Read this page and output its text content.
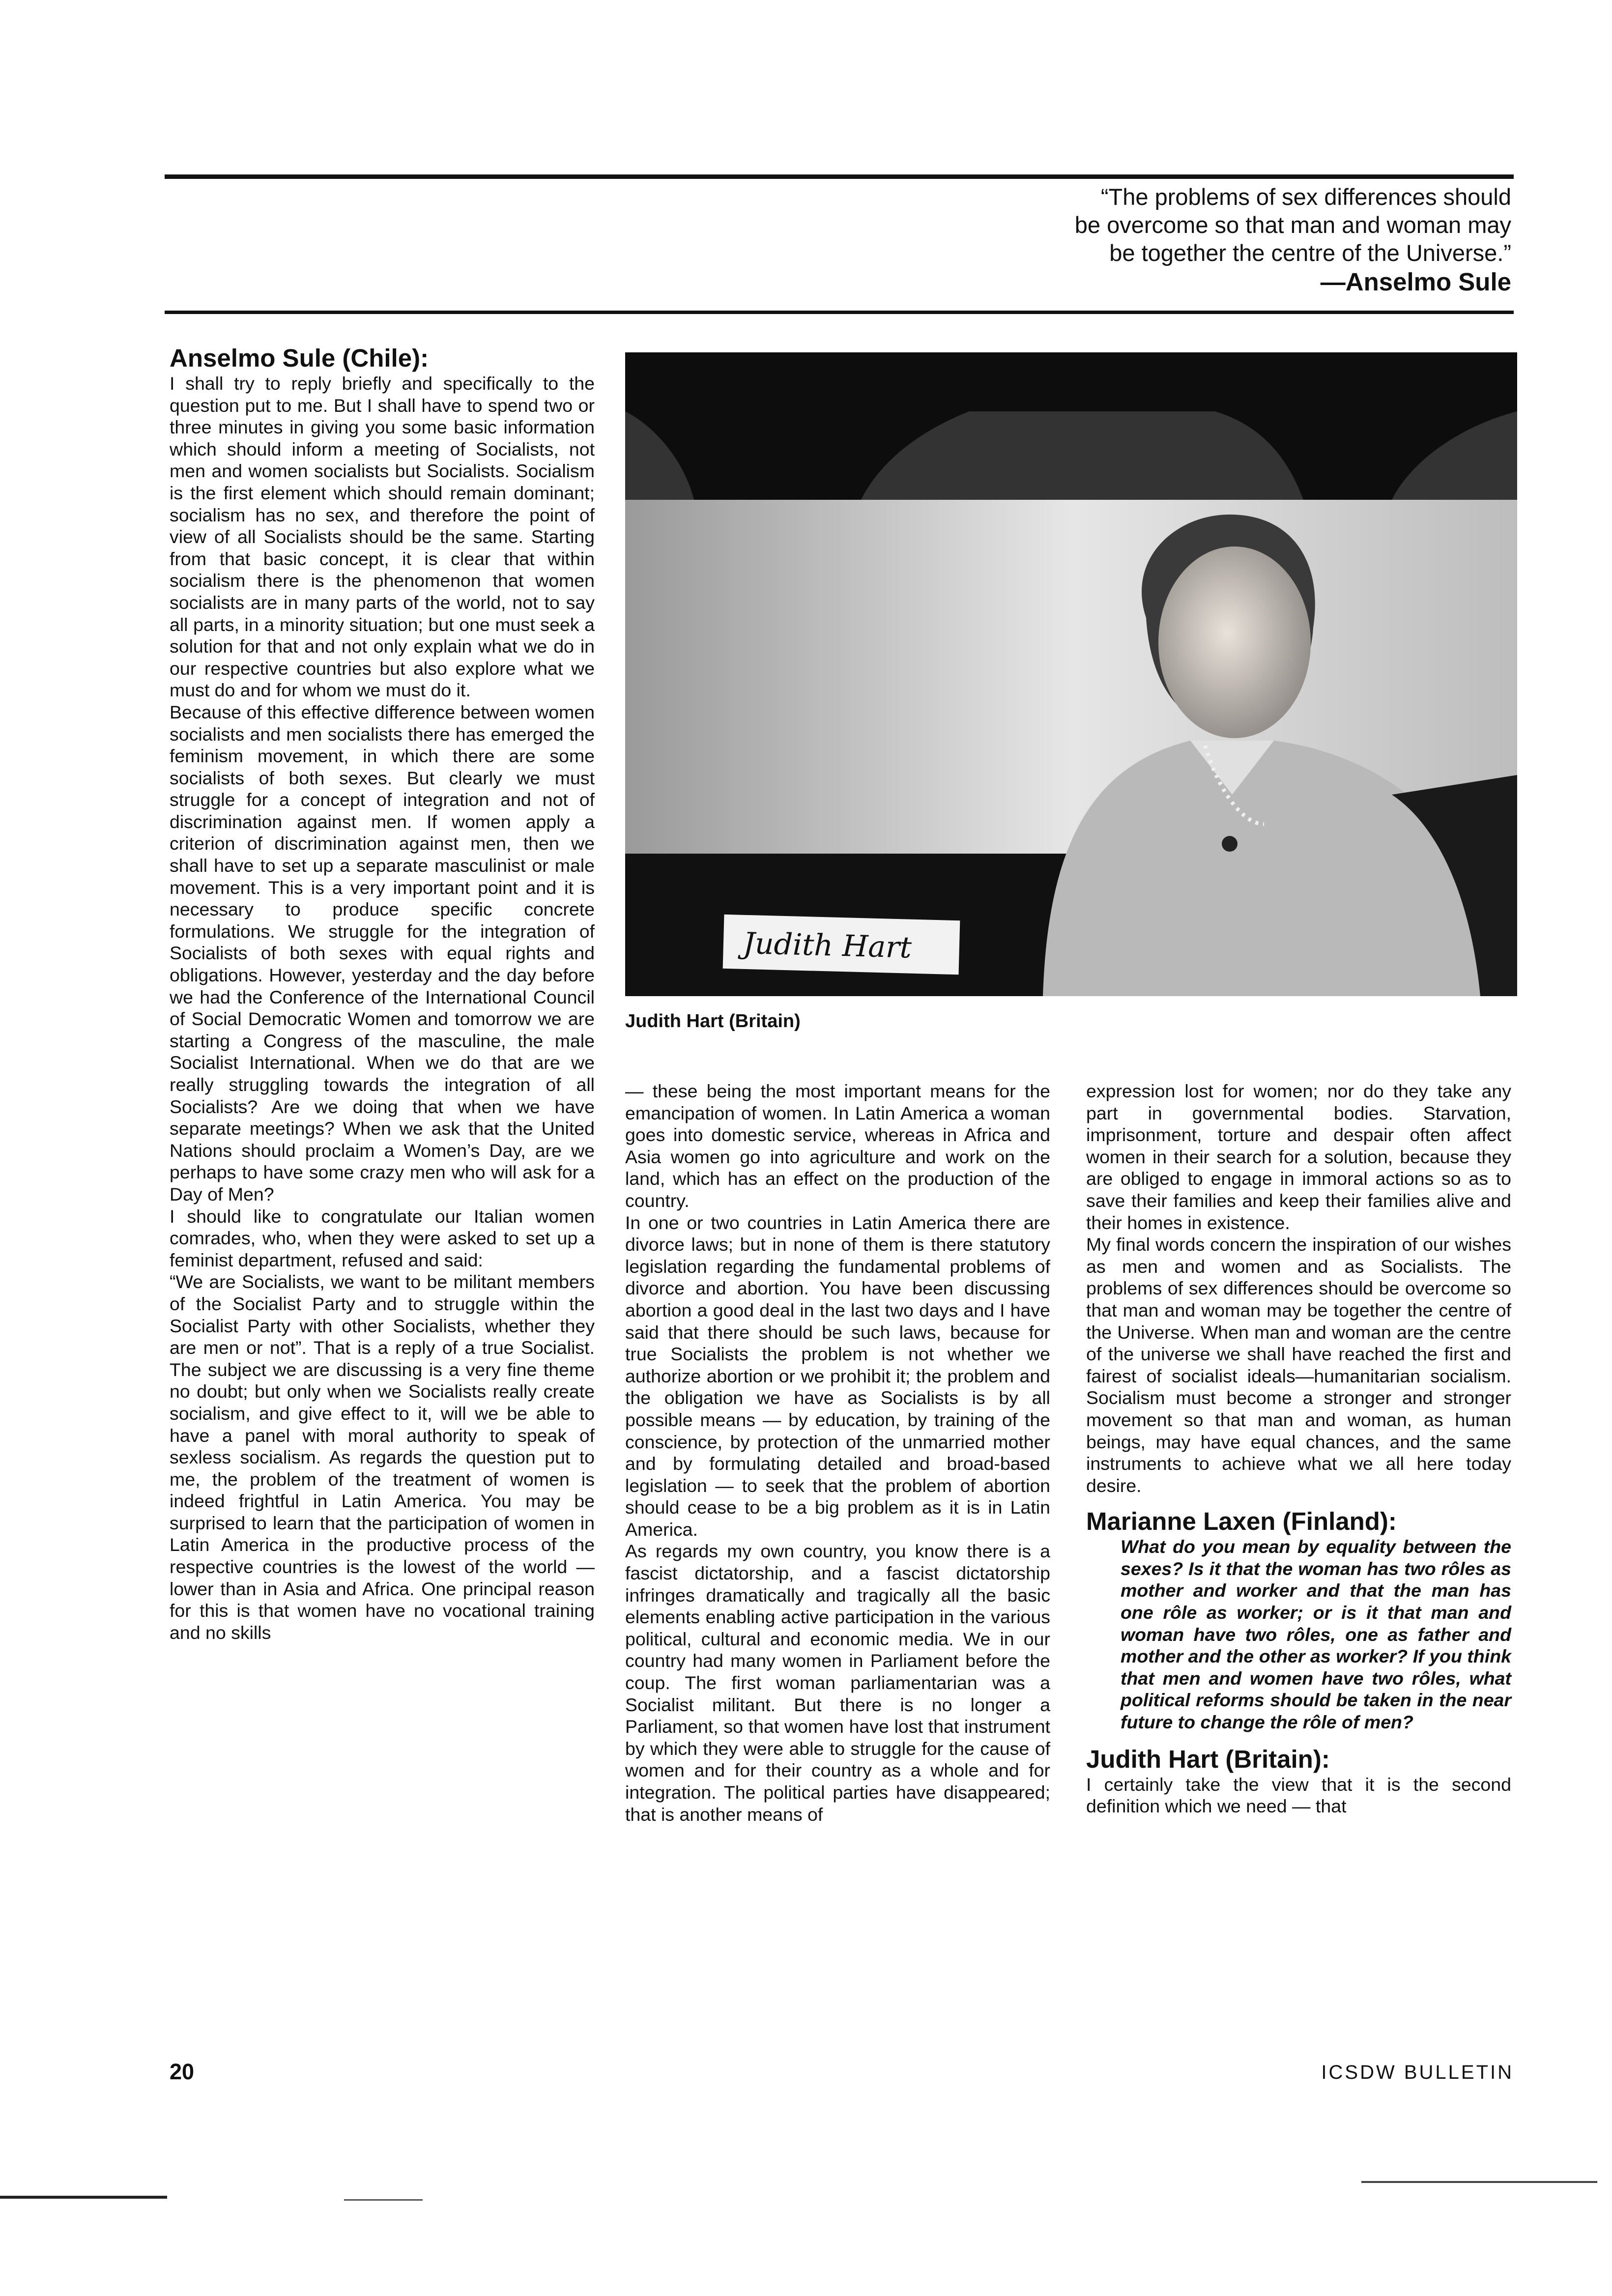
“The problems of sex differences should
be overcome so that man and woman may
be together the centre of the Universe.”
—Anselmo Sule

Anselmo Sule (Chile):

I shall try to reply briefly and specifically to the question put to me. But I shall have to spend two or three minutes in giving you some basic information which should inform a meeting of Socialists, not men and women socialists but Socialists. Socialism is the first element which should remain dominant; socialism has no sex, and therefore the point of view of all Socialists should be the same. Starting from that basic concept, it is clear that within socialism there is the phenomenon that women socialists are in many parts of the world, not to say all parts, in a minority situation; but one must seek a solution for that and not only explain what we do in our respective countries but also explore what we must do and for whom we must do it.

Because of this effective difference between women socialists and men socialists there has emerged the feminism movement, in which there are some socialists of both sexes. But clearly we must struggle for a concept of integration and not of discrimination against men. If women apply a criterion of discrimination against men, then we shall have to set up a separate masculinist or male movement. This is a very important point and it is necessary to produce specific concrete formulations. We struggle for the integration of Socialists of both sexes with equal rights and obligations. However, yesterday and the day before we had the Conference of the International Council of Social Democratic Women and tomorrow we are starting a Congress of the masculine, the male Socialist International. When we do that are we really struggling towards the integration of all Socialists? Are we doing that when we have separate meetings? When we ask that the United Nations should proclaim a Women’s Day, are we perhaps to have some crazy men who will ask for a Day of Men?

I should like to congratulate our Italian women comrades, who, when they were asked to set up a feminist department, refused and said:

“We are Socialists, we want to be militant members of the Socialist Party and to struggle within the Socialist Party with other Socialists, whether they are men or not”. That is a reply of a true Socialist. The subject we are discussing is a very fine theme no doubt; but only when we Socialists really create socialism, and give effect to it, will we be able to have a panel with moral authority to speak of sexless socialism. As regards the question put to me, the problem of the treatment of women is indeed frightful in Latin America. You may be surprised to learn that the participation of women in Latin America in the productive process of the respective countries is the lowest of the world — lower than in Asia and Africa. One principal reason for this is that women have no vocational training and no skills

Judith Hart
Judith Hart (Britain)

— these being the most important means for the emancipation of women. In Latin America a woman goes into domestic service, whereas in Africa and Asia women go into agriculture and work on the land, which has an effect on the production of the country.

In one or two countries in Latin America there are divorce laws; but in none of them is there statutory legislation regarding the fundamental problems of divorce and abortion. You have been discussing abortion a good deal in the last two days and I have said that there should be such laws, because for true Socialists the problem is not whether we authorize abortion or we prohibit it; the problem and the obligation we have as Socialists is by all possible means — by education, by training of the conscience, by protection of the unmarried mother and by formulating detailed and broad-based legislation — to seek that the problem of abortion should cease to be a big problem as it is in Latin America.

As regards my own country, you know there is a fascist dictatorship, and a fascist dictatorship infringes dramatically and tragically all the basic elements enabling active participation in the various political, cultural and economic media. We in our country had many women in Parliament before the coup. The first woman parliamentarian was a Socialist militant. But there is no longer a Parliament, so that women have lost that instrument by which they were able to struggle for the cause of women and for their country as a whole and for integration. The political parties have disappeared; that is another means of

expression lost for women; nor do they take any part in governmental bodies. Starvation, imprisonment, torture and despair often affect women in their search for a solution, because they are obliged to engage in immoral actions so as to save their families and keep their families alive and their homes in existence.

My final words concern the inspiration of our wishes as men and women and as Socialists. The problems of sex differences should be overcome so that man and woman may be together the centre of the Universe. When man and woman are the centre of the universe we shall have reached the first and fairest of socialist ideals—humanitarian socialism. Socialism must become a stronger and stronger movement so that man and woman, as human beings, may have equal chances, and the same instruments to achieve what we all here today desire.

Marianne Laxen (Finland):

What do you mean by equality between the sexes? Is it that the woman has two rôles as mother and worker and that the man has one rôle as worker; or is it that man and woman have two rôles, one as father and mother and the other as worker? If you think that men and women have two rôles, what political reforms should be taken in the near future to change the rôle of men?

Judith Hart (Britain):

I certainly take the view that it is the second definition which we need — that

20	ICSDW BULLETIN
